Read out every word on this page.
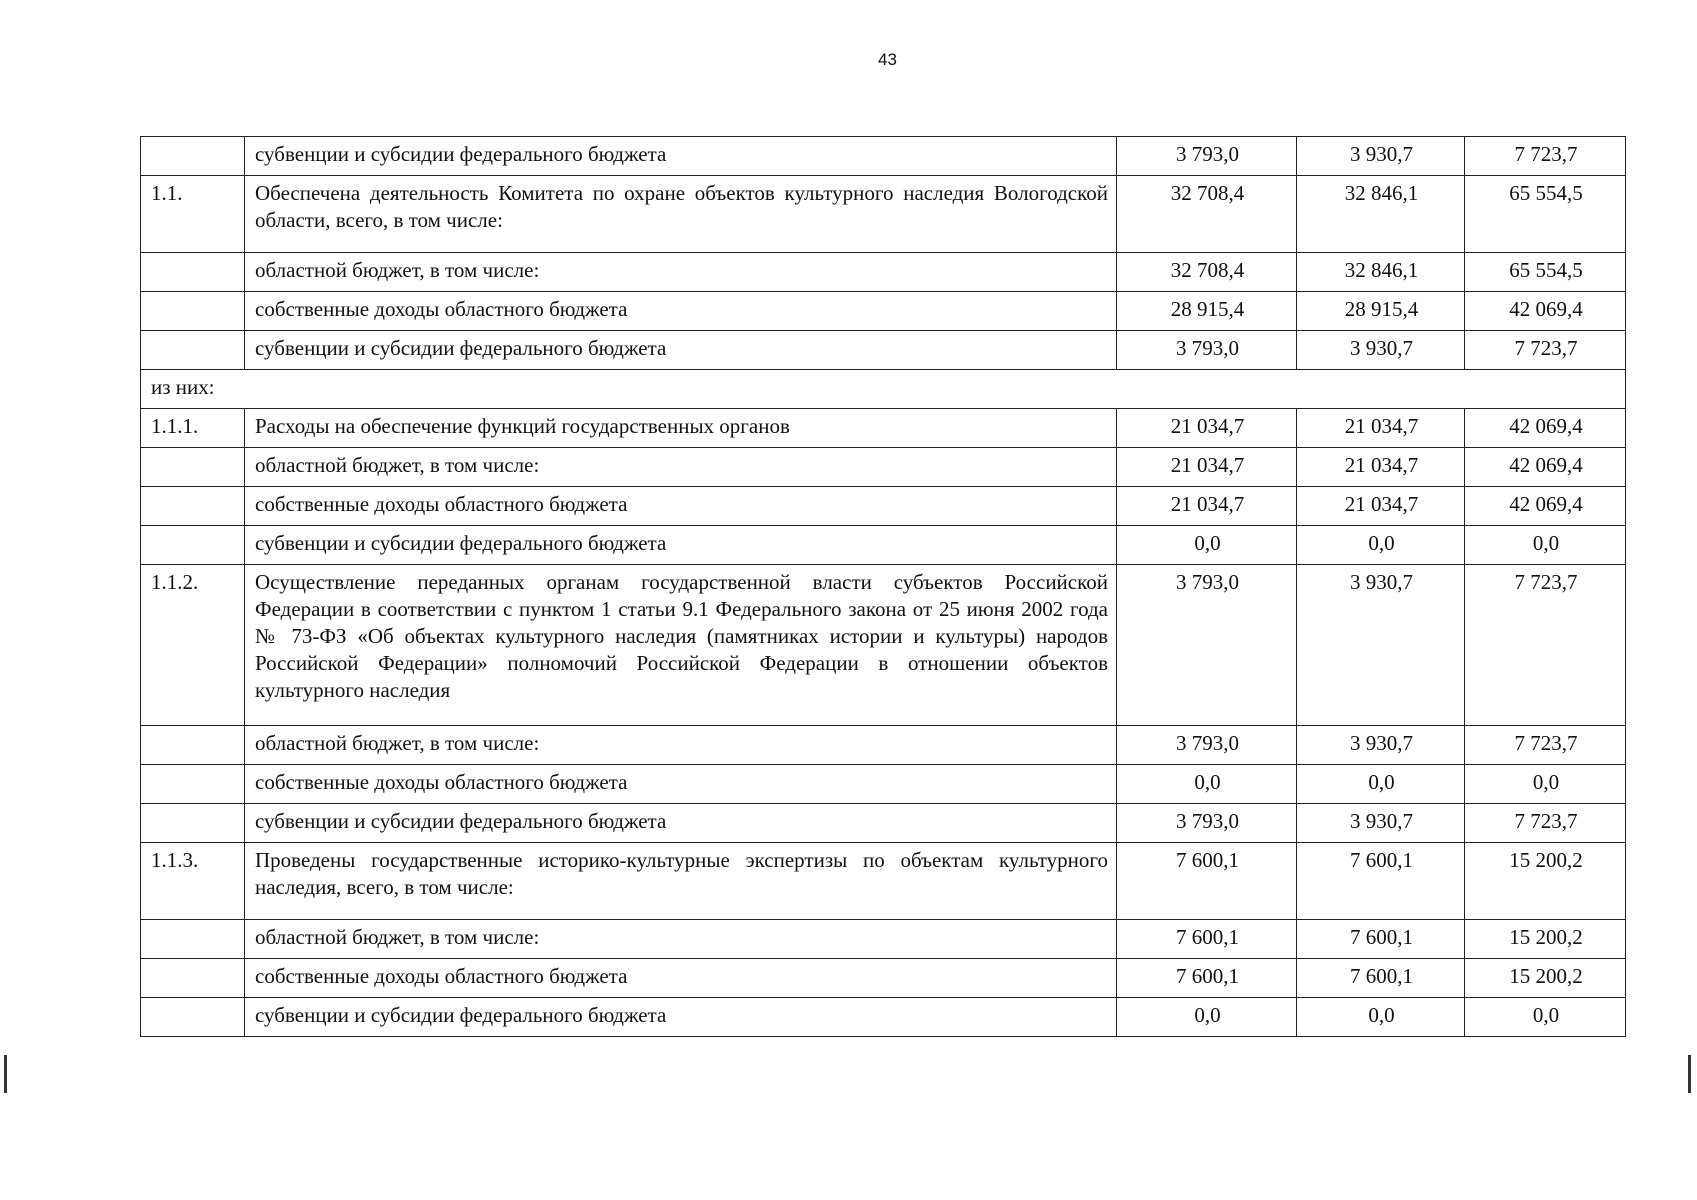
43
	субвенции и субсидии федерального бюджета	3 793,0	3 930,7	7 723,7
1.1.	Обеспечена деятельность Комитета по охране объектов культурного наследия Вологодской области, всего, в том числе:	32 708,4	32 846,1	65 554,5
	областной бюджет, в том числе:	32 708,4	32 846,1	65 554,5
	собственные доходы областного бюджета	28 915,4	28 915,4	42 069,4
	субвенции и субсидии федерального бюджета	3 793,0	3 930,7	7 723,7
из них:				
1.1.1.	Расходы на обеспечение функций государственных органов	21 034,7	21 034,7	42 069,4
	областной бюджет, в том числе:	21 034,7	21 034,7	42 069,4
	собственные доходы областного бюджета	21 034,7	21 034,7	42 069,4
	субвенции и субсидии федерального бюджета	0,0	0,0	0,0
1.1.2.	Осуществление переданных органам государственной власти субъектов Российской Федерации в соответствии с пунктом 1 статьи 9.1 Федерального закона от 25 июня 2002 года № 73-ФЗ «Об объектах культурного наследия (памятниках истории и культуры) народов Российской Федерации» полномочий Российской Федерации в отношении объектов культурного наследия	3 793,0	3 930,7	7 723,7
	областной бюджет, в том числе:	3 793,0	3 930,7	7 723,7
	собственные доходы областного бюджета	0,0	0,0	0,0
	субвенции и субсидии федерального бюджета	3 793,0	3 930,7	7 723,7
1.1.3.	Проведены государственные историко-культурные экспертизы по объектам культурного наследия, всего, в том числе:	7 600,1	7 600,1	15 200,2
	областной бюджет, в том числе:	7 600,1	7 600,1	15 200,2
	собственные доходы областного бюджета	7 600,1	7 600,1	15 200,2
	субвенции и субсидии федерального бюджета	0,0	0,0	0,0
